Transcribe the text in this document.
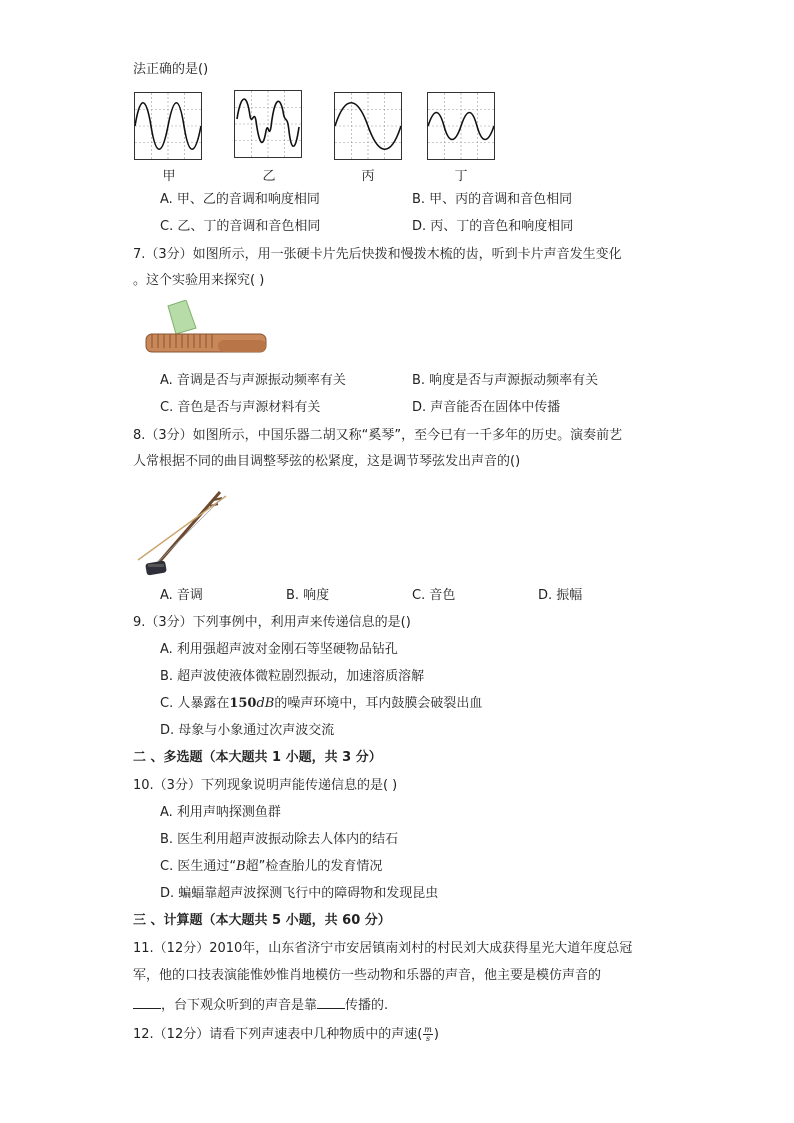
法正确的是()
甲	乙	丙	丁
A. 甲、乙的音调和响度相同	B. 甲、丙的音调和音色相同
C. 乙、丁的音调和音色相同	D. 丙、丁的音色和响度相同
7.（3分）如图所示，用一张硬卡片先后快拨和慢拨木梳的齿，听到卡片声音发生变化
。这个实验用来探究( )
A. 音调是否与声源振动频率有关	B. 响度是否与声源振动频率有关
C. 音色是否与声源材料有关	D. 声音能否在固体中传播
8.（3分）如图所示，中国乐器二胡又称“奚琴”，至今已有一千多年的历史。演奏前艺
人常根据不同的曲目调整琴弦的松紧度，这是调节琴弦发出声音的()
A. 音调	B. 响度	C. 音色	D. 振幅
9.（3分）下列事例中，利用声来传递信息的是()
A. 利用强超声波对金刚石等坚硬物品钻孔
B. 超声波使液体微粒剧烈振动，加速溶质溶解
C. 人暴露在150dB的噪声环境中，耳内鼓膜会破裂出血
D. 母象与小象通过次声波交流
二 、多选题（本大题共 1 小题，共 3 分）
10.（3分）下列现象说明声能传递信息的是( )
A. 利用声呐探测鱼群
B. 医生利用超声波振动除去人体内的结石
C. 医生通过“B超”检查胎儿的发育情况
D. 蝙蝠靠超声波探测飞行中的障碍物和发现昆虫
三 、计算题（本大题共 5 小题，共 60 分）
11.（12分）2010年，山东省济宁市安居镇南刘村的村民刘大成获得星光大道年度总冠
军，他的口技表演能惟妙惟肖地模仿一些动物和乐器的声音，他主要是模仿声音的
，台下观众听到的声音是靠 传播的.
12.（12分）请看下列声速表中几种物质中的声速( $\frac{m}{s}$ )
